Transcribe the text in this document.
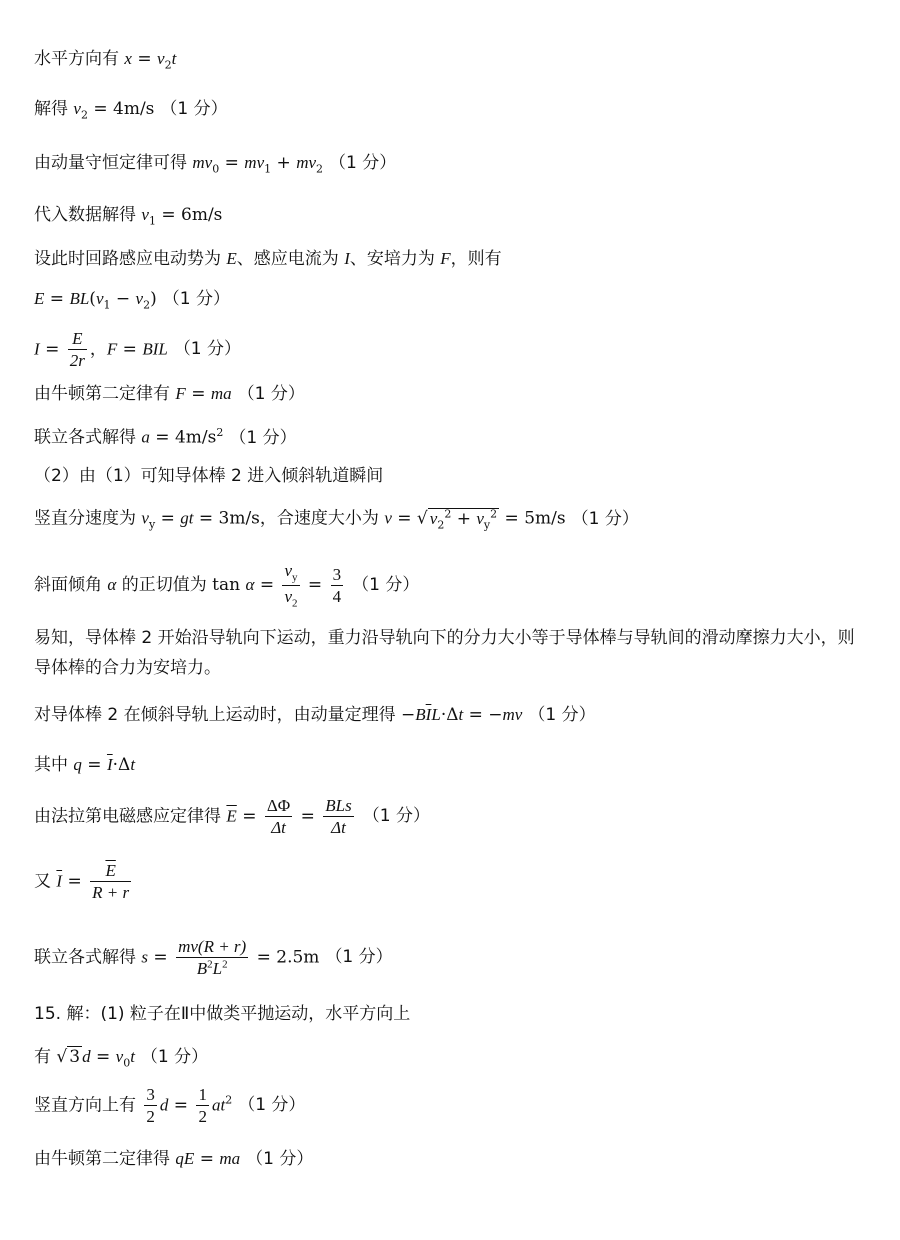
水平方向有 $x = v_2t$
解得 $v_2 = 4m/s$ （1 分）
由动量守恒定律可得 $mv_0 = mv_1 + mv_2$ （1 分）
代入数据解得 $v_1 = 6m/s$
设此时回路感应电动势为 E、感应电流为 I、安培力为 F，则有
$E = BL(v_1 - v_2)$ （1 分）
$I = \frac{E}{2r}$ ，F = BIL （1 分）
由牛顿第二定律有 F = ma （1 分）
联立各式解得 $a = 4m/s^2$ （1 分）
（2）由（1）可知导体棒 2 进入倾斜轨道瞬间
竖直分速度为 $v_y$ = gt = 3m/s，合速度大小为 v = √ $v_2^2 + v_y^2 = 5m/s$ （1 分）
斜面倾角 α 的正切值为 $\tan \alpha = \frac{v_y}{v_2} = \frac{3}{4} (1$ 分）
易知，导体棒 2 开始沿导轨向下运动，重力沿导轨向下的分力大小等于导体棒与导轨间的滑动摩擦力大小，则
导体棒的合力为安培力。
对导体棒 2 在倾斜导轨上运动时，由动量定理得 $-B\overline{I}L\cdot\Delta t = -mv$ （1 分）
其中 $q = \overline{I}\cdot\Delta t$
由法拉第电磁感应定律得 $\overline{E} = \frac{\Delta\Phi}{\Delta t} = \frac{\text{BLs}}{\Delta t} (1$ 分）
又 $\overline{I} = \frac{\overline{E}}{R + r}$
联立各式解得 $s = \frac{mv(R + r)}{B^2L^2} = 2.5m$ （1 分）
15. 解：(1) 粒子在Ⅱ中做类平抛运动，水平方向上
有 √ 3 $d = v_0t$ （1 分）
竖直方向上有 $\frac{3}{2}$ $d = \frac{1}{2} at^2$ （1 分）
由牛顿第二定律得 qE = ma （1 分）
